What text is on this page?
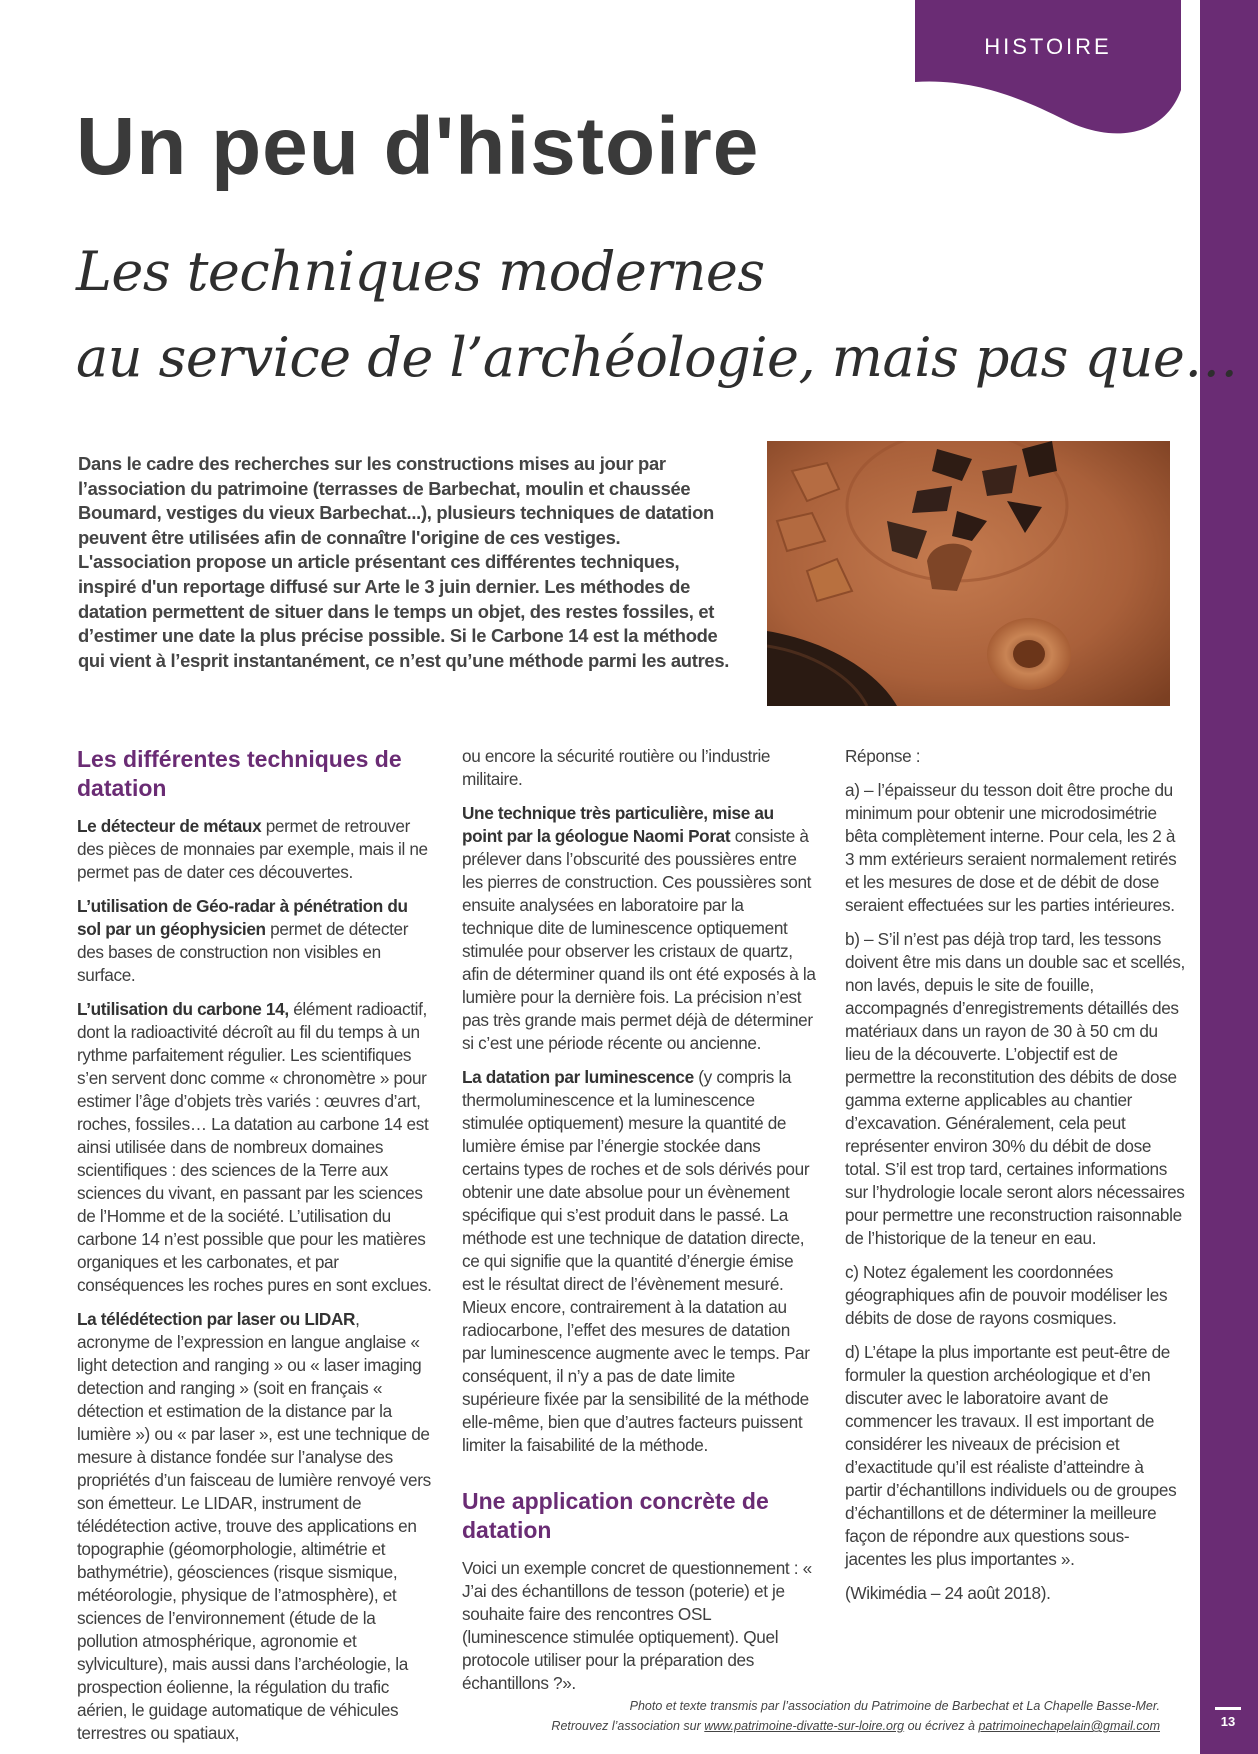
13
HISTOIRE
Un peu d'histoire
Les techniques modernes
au service de l’archéologie, mais pas que…

Dans le cadre des recherches sur les constructions mises au jour par l’association du patrimoine (terrasses de Barbechat, moulin et chaussée Boumard, vestiges du vieux Barbechat...), plusieurs techniques de datation peuvent être utilisées afin de connaître l'origine de ces vestiges. L'association propose un article présentant ces différentes techniques, inspiré d'un reportage diffusé sur Arte le 3 juin dernier. Les méthodes de datation permettent de situer dans le temps un objet, des restes fossiles, et d’estimer une date la plus précise possible. Si le Carbone 14 est la méthode qui vient à l’esprit instantanément, ce n’est qu’une méthode parmi les autres.

Les différentes techniques de datation

Le détecteur de métaux permet de retrouver des pièces de monnaies par exemple, mais il ne permet pas de dater ces découvertes.

L’utilisation de Géo-radar à pénétration du sol par un géophysicien permet de détecter des bases de construction non visibles en surface.

L’utilisation du carbone 14, élément radioactif, dont la radioactivité décroît au fil du temps à un rythme parfaitement régulier. Les scientifiques s’en servent donc comme « chronomètre » pour estimer l’âge d’objets très variés : œuvres d’art, roches, fossiles… La datation au carbone 14 est ainsi utilisée dans de nombreux domaines scientifiques : des sciences de la Terre aux sciences du vivant, en passant par les sciences de l’Homme et de la société. L’utilisation du carbone 14 n’est possible que pour les matières organiques et les carbonates, et par conséquences les roches pures en sont exclues.

La télédétection par laser ou LIDAR, acronyme de l’expression en langue anglaise « light detection and ranging » ou « laser imaging detection and ranging » (soit en français « détection et estimation de la distance par la lumière ») ou « par laser », est une technique de mesure à distance fondée sur l’analyse des propriétés d’un faisceau de lumière renvoyé vers son émetteur. Le LIDAR, instrument de télédétection active, trouve des applications en topographie (géomorphologie, altimétrie et bathymétrie), géosciences (risque sismique, météorologie, physique de l’atmosphère), et sciences de l’environnement (étude de la pollution atmosphérique, agronomie et sylviculture), mais aussi dans l’archéologie, la prospection éolienne, la régulation du trafic aérien, le guidage automatique de véhicules terrestres ou spatiaux,

ou encore la sécurité routière ou l’industrie militaire.

Une technique très particulière, mise au point par la géologue Naomi Porat consiste à prélever dans l’obscurité des poussières entre les pierres de construction. Ces poussières sont ensuite analysées en laboratoire par la technique dite de luminescence optiquement stimulée pour observer les cristaux de quartz, afin de déterminer quand ils ont été exposés à la lumière pour la dernière fois. La précision n’est pas très grande mais permet déjà de déterminer si c’est une période récente ou ancienne.

La datation par luminescence (y compris la thermoluminescence et la luminescence stimulée optiquement) mesure la quantité de lumière émise par l’énergie stockée dans certains types de roches et de sols dérivés pour obtenir une date absolue pour un évènement spécifique qui s’est produit dans le passé. La méthode est une technique de datation directe, ce qui signifie que la quantité d’énergie émise est le résultat direct de l’évènement mesuré. Mieux encore, contrairement à la datation au radiocarbone, l’effet des mesures de datation par luminescence augmente avec le temps. Par conséquent, il n’y a pas de date limite supérieure fixée par la sensibilité de la méthode elle-même, bien que d’autres facteurs puissent limiter la faisabilité de la méthode.

Une application concrète de datation

Voici un exemple concret de questionnement : « J’ai des échantillons de tesson (poterie) et je souhaite faire des rencontres OSL (luminescence stimulée optiquement). Quel protocole utiliser pour la préparation des échantillons ?».

Réponse :

a) – l’épaisseur du tesson doit être proche du minimum pour obtenir une microdosimétrie bêta complètement interne. Pour cela, les 2 à 3 mm extérieurs seraient normalement retirés et les mesures de dose et de débit de dose seraient effectuées sur les parties intérieures.

b) – S’il n’est pas déjà trop tard, les tessons doivent être mis dans un double sac et scellés, non lavés, depuis le site de fouille, accompagnés d’enregistrements détaillés des matériaux dans un rayon de 30 à 50 cm du lieu de la découverte. L’objectif est de permettre la reconstitution des débits de dose gamma externe applicables au chantier d’excavation. Généralement, cela peut représenter environ 30% du débit de dose total. S’il est trop tard, certaines informations sur l’hydrologie locale seront alors nécessaires pour permettre une reconstruction raisonnable de l’historique de la teneur en eau.

c) Notez également les coordonnées géographiques afin de pouvoir modéliser les débits de dose de rayons cosmiques.

d) L’étape la plus importante est peut-être de formuler la question archéologique et d’en discuter avec le laboratoire avant de commencer les travaux. Il est important de considérer les niveaux de précision et d’exactitude qu’il est réaliste d’atteindre à partir d’échantillons individuels ou de groupes d’échantillons et de déterminer la meilleure façon de répondre aux questions sous-jacentes les plus importantes ».

(Wikimédia – 24 août 2018).

Photo et texte transmis par l’association du Patrimoine de Barbechat et La Chapelle Basse-Mer.
Retrouvez l’association sur www.patrimoine-divatte-sur-loire.org ou écrivez à patrimoinechapelain@gmail.com
